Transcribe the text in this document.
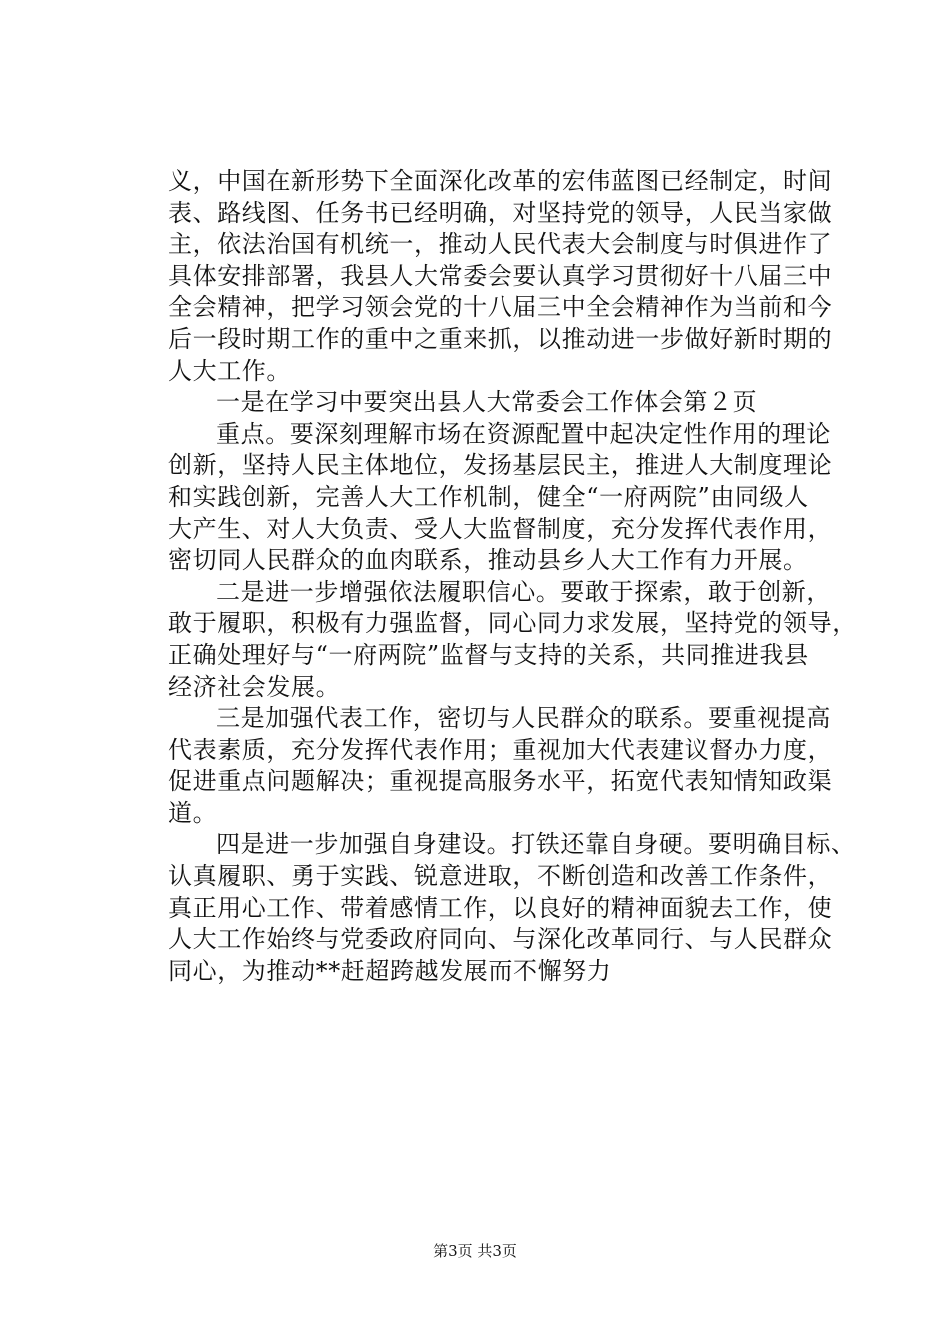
义，中国在新形势下全面深化改革的宏伟蓝图已经制定，时间
表、路线图、任务书已经明确，对坚持党的领导，人民当家做
主，依法治国有机统一，推动人民代表大会制度与时俱进作了
具体安排部署，我县人大常委会要认真学习贯彻好十八届三中
全会精神，把学习领会党的十八届三中全会精神作为当前和今
后一段时期工作的重中之重来抓，以推动进一步做好新时期的
人大工作。
一是在学习中要突出县人大常委会工作体会第２页
重点。要深刻理解市场在资源配置中起决定性作用的理论
创新，坚持人民主体地位，发扬基层民主，推进人大制度理论
和实践创新，完善人大工作机制，健全“一府两院”由同级人
大产生、对人大负责、受人大监督制度，充分发挥代表作用，
密切同人民群众的血肉联系，推动县乡人大工作有力开展。
二是进一步增强依法履职信心。要敢于探索，敢于创新，
敢于履职，积极有力强监督，同心同力求发展，坚持党的领导，
正确处理好与“一府两院”监督与支持的关系，共同推进我县
经济社会发展。
三是加强代表工作，密切与人民群众的联系。要重视提高
代表素质，充分发挥代表作用；重视加大代表建议督办力度，
促进重点问题解决；重视提高服务水平，拓宽代表知情知政渠
道。
四是进一步加强自身建设。打铁还靠自身硬。要明确目标、
认真履职、勇于实践、锐意进取，不断创造和改善工作条件，
真正用心工作、带着感情工作，以良好的精神面貌去工作，使
人大工作始终与党委政府同向、与深化改革同行、与人民群众
同心，为推动**赶超跨越发展而不懈努力
第3页 共3页
